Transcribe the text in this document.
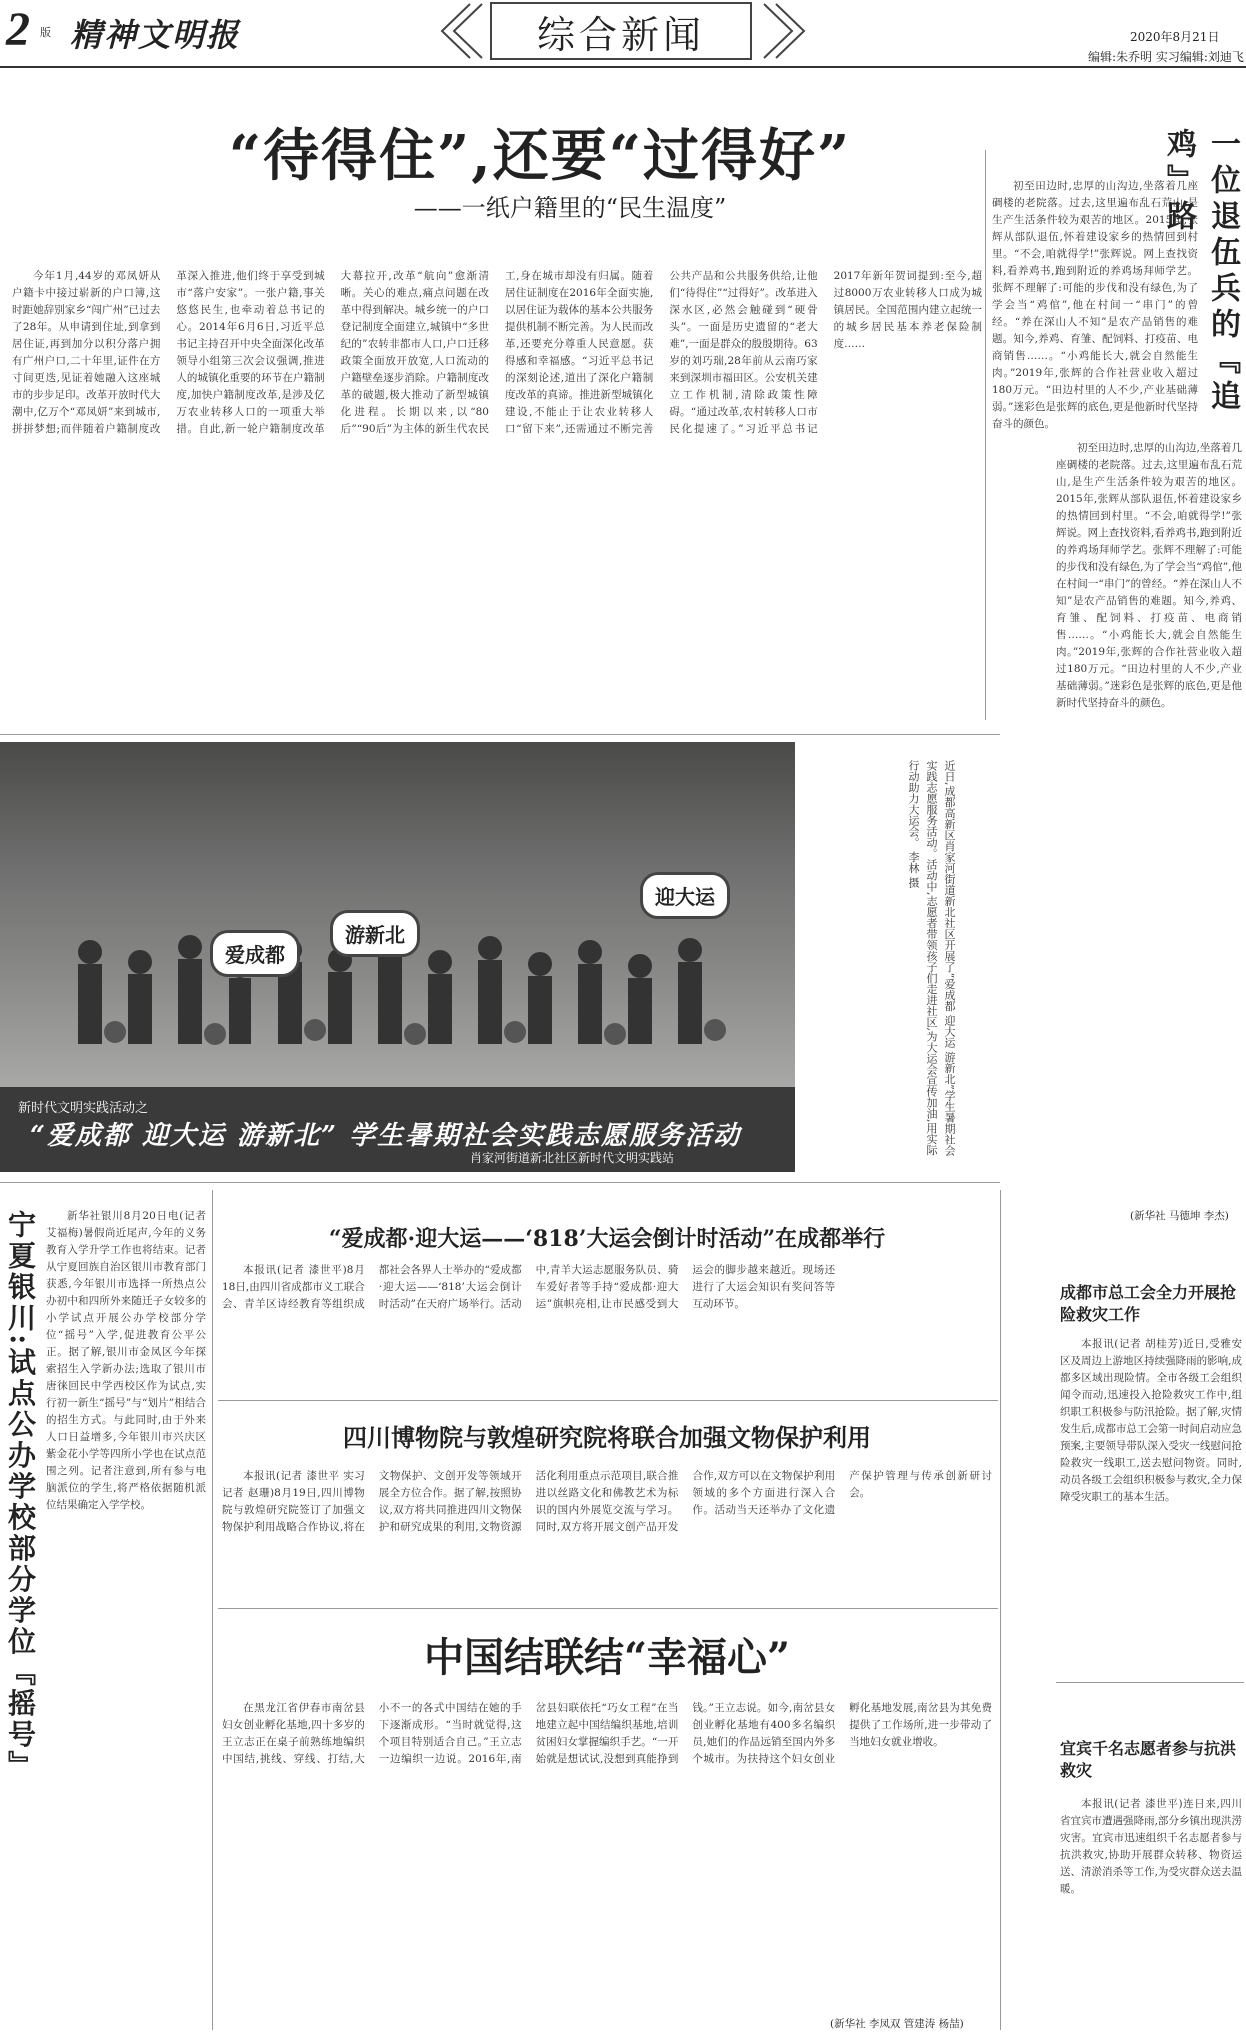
2 版 精神文明报	综合新闻	2020年8月21日
编辑:朱乔明 实习编辑:刘迪飞
“待得住”,还要“过得好”
——一纸户籍里的“民生温度”

今年1月,44岁的邓凤妍从户籍卡中接过崭新的户口簿,这时距她辞别家乡“闯广州”已过去了28年。从申请到住址,到拿到居住证,再到加分以积分落户拥有广州户口,二十年里,证件在方寸间更迭,见证着她融入这座城市的步步足印。改革开放时代大潮中,亿万个“邓凤妍”来到城市,拼拼梦想;而伴随着户籍制度改革深入推进,他们终于享受到城市“落户安家”。一张户籍,事关悠悠民生,也牵动着总书记的心。2014年6月6日,习近平总书记主持召开中央全面深化改革领导小组第三次会议强调,推进人的城镇化重要的环节在户籍制度,加快户籍制度改革,是涉及亿万农业转移人口的一项重大举措。自此,新一轮户籍制度改革大幕拉开,改革“航向”愈渐清晰。关心的难点,痛点问题在改革中得到解决。城乡统一的户口登记制度全面建立,城镇中“多世纪的”农转非都市人口,户口迁移政策全面放开放宽,人口流动的户籍壁垒逐步消除。户籍制度改革的破题,极大推动了新型城镇化进程。长期以来,以“80后”“90后”为主体的新生代农民工,身在城市却没有归属。随着居住证制度在2016年全面实施,以居住证为载体的基本公共服务提供机制不断完善。为人民而改革,还要充分尊重人民意愿。获得感和幸福感。“习近平总书记的深刻论述,道出了深化户籍制度改革的真谛。推进新型城镇化建设,不能止于让农业转移人口“留下来”,还需通过不断完善公共产品和公共服务供给,让他们“待得住”“过得好”。改革进入深水区,必然会触碰到“硬骨头”。一面是历史遗留的“老大难”,一面是群众的殷殷期待。63岁的刘巧瑞,28年前从云南巧家来到深圳市福田区。公安机关建立工作机制,清除政策性障碍。“通过改革,农村转移人口市民化提速了。”习近平总书记2017年新年贺词提到:至今,超过8000万农业转移人口成为城镇居民。全国范围内建立起统一的城乡居民基本养老保险制度……	一位退伍兵的『追鸡』路

初至田边时,忠厚的山沟边,坐落着几座碉楼的老院落。过去,这里遍布乱石荒山,是生产生活条件较为艰苦的地区。2015年,张辉从部队退伍,怀着建设家乡的热情回到村里。“不会,咱就得学!”张辉说。网上查找资料,看养鸡书,跑到附近的养鸡场拜师学艺。张辉不理解了:可能的步伐和没有绿色,为了学会当“鸡倌”,他在村间一“串门”的曾经。“养在深山人不知”是农产品销售的难题。知今,养鸡、育雏、配饲料、打疫苗、电商销售……。“小鸡能长大,就会自然能生肉。”2019年,张辉的合作社营业收入超过180万元。“田边村里的人不少,产业基础薄弱。”迷彩色是张辉的底色,更是他新时代坚持奋斗的颜色。

初至田边时,忠厚的山沟边,坐落着几座碉楼的老院落。过去,这里遍布乱石荒山,是生产生活条件较为艰苦的地区。2015年,张辉从部队退伍,怀着建设家乡的热情回到村里。“不会,咱就得学!”张辉说。网上查找资料,看养鸡书,跑到附近的养鸡场拜师学艺。张辉不理解了:可能的步伐和没有绿色,为了学会当“鸡倌”,他在村间一“串门”的曾经。“养在深山人不知”是农产品销售的难题。知今,养鸡、育雏、配饲料、打疫苗、电商销售……。“小鸡能长大,就会自然能生肉。”2019年,张辉的合作社营业收入超过180万元。“田边村里的人不少,产业基础薄弱。”迷彩色是张辉的底色,更是他新时代坚持奋斗的颜色。

(新华社 马德坤 李杰)
爱成都
游新北
迎大运
新时代文明实践活动之
“爱成都 迎大运 游新北” 学生暑期社会实践志愿服务活动
肖家河街道新北社区新时代文明实践站
近日,成都高新区肖家河街道新北社区开展了“爱成都 迎大运 游新北”学生暑期社会实践志愿服务活动。活动中,志愿者带领孩子们走进社区,为大运会宣传加油,用实际行动助力大运会。 李林 摄
宁夏银川:试点公办学校部分学位『摇号』

新华社银川8月20日电(记者 艾福梅)暑假尚近尾声,今年的义务教育入学升学工作也将结束。记者从宁夏回族自治区银川市教育部门获悉,今年银川市选择一所热点公办初中和四所外来随迁子女较多的小学试点开展公办学校部分学位“摇号”入学,促进教育公平公正。据了解,银川市金凤区今年探索招生入学新办法;选取了银川市唐徕回民中学西校区作为试点,实行初一新生“摇号”与“划片”相结合的招生方式。与此同时,由于外来人口日益增多,今年银川市兴庆区紫金花小学等四所小学也在试点范围之列。记者注意到,所有参与电脑派位的学生,将严格依据随机派位结果确定入学学校。

“爱成都·迎大运——‘818’大运会倒计时活动”在成都举行

本报讯(记者 漆世平)8月18日,由四川省成都市义工联合会、青羊区诗经教育等组织成都社会各界人士举办的“爱成都·迎大运——‘818’大运会倒计时活动”在天府广场举行。活动中,青羊大运志愿服务队员、骑车爱好者等手持“爱成都·迎大运”旗帜亮相,让市民感受到大运会的脚步越来越近。现场还进行了大运会知识有奖问答等互动环节。

四川博物院与敦煌研究院将联合加强文物保护利用

本报讯(记者 漆世平 实习记者 赵珊)8月19日,四川博物院与敦煌研究院签订了加强文物保护利用战略合作协议,将在文物保护、文创开发等领域开展全方位合作。据了解,按照协议,双方将共同推进四川文物保护和研究成果的利用,文物资源活化利用重点示范项目,联合推进以丝路文化和佛教艺术为标识的国内外展览交流与学习。同时,双方将开展文创产品开发合作,双方可以在文物保护利用领域的多个方面进行深入合作。活动当天还举办了文化遗产保护管理与传承创新研讨会。

中国结联结“幸福心”

在黑龙江省伊春市南岔县妇女创业孵化基地,四十多岁的王立志正在桌子前熟练地编织中国结,挑线、穿线、打结,大小不一的各式中国结在她的手下逐渐成形。“当时就觉得,这个项目特别适合自己。”王立志一边编织一边说。2016年,南岔县妇联依托“巧女工程”在当地建立起中国结编织基地,培训贫困妇女掌握编织手艺。“一开始就是想试试,没想到真能挣到钱。”王立志说。如今,南岔县女创业孵化基地有400多名编织员,她们的作品远销至国内外多个城市。为扶持这个妇女创业孵化基地发展,南岔县为其免费提供了工作场所,进一步带动了当地妇女就业增收。

(新华社 李凤双 管建涛 杨喆)
成都市总工会全力开展抢险救灾工作

本报讯(记者 胡桂芳)近日,受雅安区及周边上游地区持续强降雨的影响,成都多区域出现险情。全市各级工会组织闻令而动,迅速投入抢险救灾工作中,组织职工积极参与防汛抢险。据了解,灾情发生后,成都市总工会第一时间启动应急预案,主要领导带队深入受灾一线慰问抢险救灾一线职工,送去慰问物资。同时,动员各级工会组织积极参与救灾,全力保障受灾职工的基本生活。

宜宾千名志愿者参与抗洪救灾

本报讯(记者 漆世平)连日来,四川省宜宾市遭遇强降雨,部分乡镇出现洪涝灾害。宜宾市迅速组织千名志愿者参与抗洪救灾,协助开展群众转移、物资运送、清淤消杀等工作,为受灾群众送去温暖。
